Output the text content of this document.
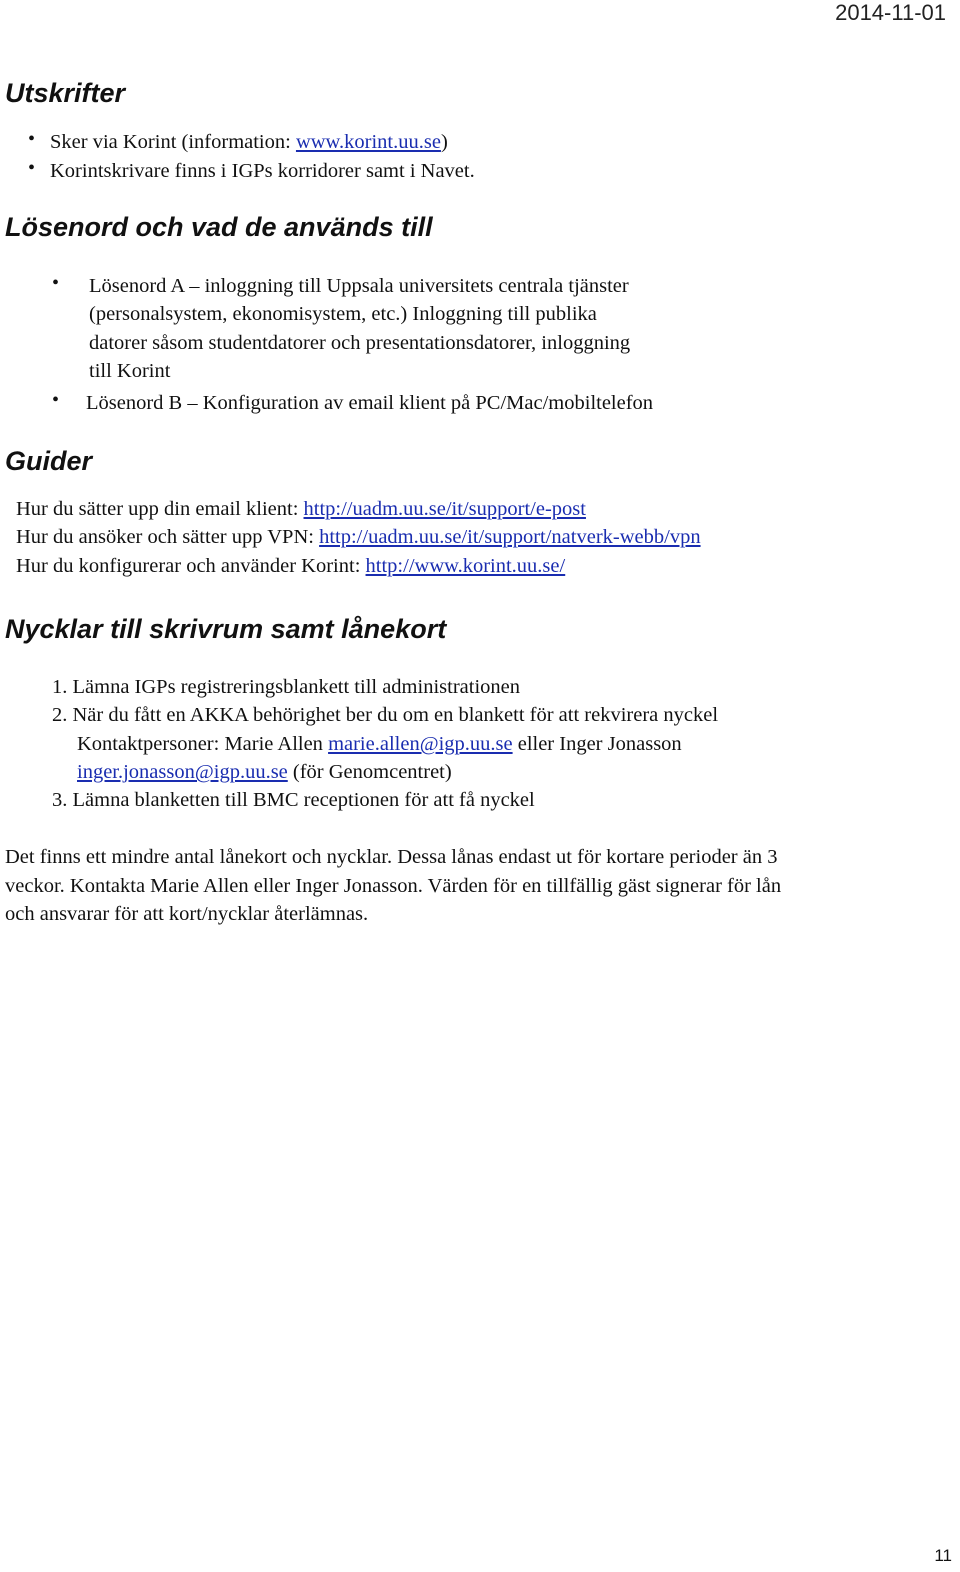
2014-11-01
Utskrifter
• Sker via Korint (information: www.korint.uu.se)
• Korintskrivare finns i IGPs korridorer samt i Navet.
Lösenord och vad de används till
• Lösenord A – inloggning till Uppsala universitets centrala tjänster
(personalsystem, ekonomisystem, etc.) Inloggning till publika
datorer såsom studentdatorer och presentationsdatorer, inloggning
till Korint
• Lösenord B – Konfiguration av email klient på PC/Mac/mobiltelefon
Guider
Hur du sätter upp din email klient: http://uadm.uu.se/it/support/e-post
Hur du ansöker och sätter upp VPN: http://uadm.uu.se/it/support/natverk-webb/vpn
Hur du konfigurerar och använder Korint: http://www.korint.uu.se/
Nycklar till skrivrum samt lånekort
1. Lämna IGPs registreringsblankett till administrationen
2. När du fått en AKKA behörighet ber du om en blankett för att rekvirera nyckel
Kontaktpersoner: Marie Allen marie.allen@igp.uu.se eller Inger Jonasson
inger.jonasson@igp.uu.se (för Genomcentret)
3. Lämna blanketten till BMC receptionen för att få nyckel
Det finns ett mindre antal lånekort och nycklar. Dessa lånas endast ut för kortare perioder än 3
veckor. Kontakta Marie Allen eller Inger Jonasson. Värden för en tillfällig gäst signerar för lån
och ansvarar för att kort/nycklar återlämnas.
11
